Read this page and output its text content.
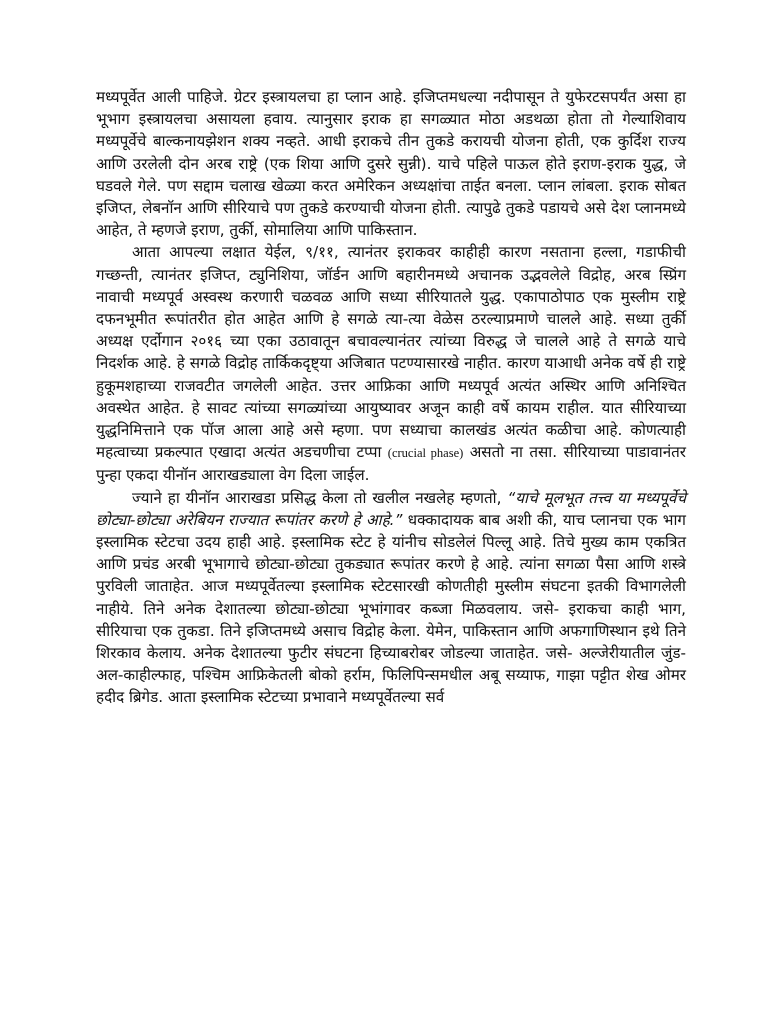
मध्यपूर्वेत आली पाहिजे. ग्रेटर इस्त्रायलचा हा प्लान आहे. इजिप्तमधल्या नदीपासून ते युफेरटसपर्यंत असा हा भूभाग इस्त्रायलचा असायला हवाय. त्यानुसार इराक हा सगळ्यात मोठा अडथळा होता तो गेल्याशिवाय मध्यपूर्वेचे बाल्कनायझेशन शक्य नव्हते. आधी इराकचे तीन तुकडे करायची योजना होती, एक कुर्दिश राज्य आणि उरलेली दोन अरब राष्ट्रे (एक शिया आणि दुसरे सुन्नी). याचे पहिले पाऊल होते इराण-इराक युद्ध, जे घडवले गेले. पण सद्दाम चलाख खेळ्या करत अमेरिकन अध्यक्षांचा ताईत बनला. प्लान लांबला. इराक सोबत इजिप्त, लेबनॉन आणि सीरियाचे पण तुकडे करण्याची योजना होती. त्यापुढे तुकडे पडायचे असे देश प्लानमध्ये आहेत, ते म्हणजे इराण, तुर्की, सोमालिया आणि पाकिस्तान.

आता आपल्या लक्षात येईल, ९/११, त्यानंतर इराकवर काहीही कारण नसताना हल्ला, गडाफीची गच्छन्ती, त्यानंतर इजिप्त, ट्युनिशिया, जॉर्डन आणि बहारीनमध्ये अचानक उद्भवलेले विद्रोह, अरब स्प्रिंग नावाची मध्यपूर्व अस्वस्थ करणारी चळवळ आणि सध्या सीरियातले युद्ध. एकापाठोपाठ एक मुस्लीम राष्ट्रे दफनभूमीत रूपांतरीत होत आहेत आणि हे सगळे त्या-त्या वेळेस ठरल्याप्रमाणे चालले आहे. सध्या तुर्की अध्यक्ष एर्दोगान २०१६ च्या एका उठावातून बचावल्यानंतर त्यांच्या विरुद्ध जे चालले आहे ते सगळे याचे निदर्शक आहे. हे सगळे विद्रोह तार्किकदृष्ट्या अजिबात पटण्यासारखे नाहीत. कारण याआधी अनेक वर्षे ही राष्ट्रे हुकूमशहाच्या राजवटीत जगलेली आहेत. उत्तर आफ्रिका आणि मध्यपूर्व अत्यंत अस्थिर आणि अनिश्चित अवस्थेत आहेत. हे सावट त्यांच्या सगळ्यांच्या आयुष्यावर अजून काही वर्षे कायम राहील. यात सीरियाच्या युद्धनिमित्ताने एक पॉज आला आहे असे म्हणा. पण सध्याचा कालखंड अत्यंत कळीचा आहे. कोणत्याही महत्वाच्या प्रकल्पात एखादा अत्यंत अडचणीचा टप्पा (crucial phase) असतो ना तसा. सीरियाच्या पाडावानंतर पुन्हा एकदा यीनॉन आराखड्याला वेग दिला जाईल.

ज्याने हा यीनॉन आराखडा प्रसिद्ध केला तो खलील नखलेह म्हणतो, “याचे मूलभूत तत्त्व या मध्यपूर्वेचे छोट्या-छोट्या अरेबियन राज्यात रूपांतर करणे हे आहे.” धक्कादायक बाब अशी की, याच प्लानचा एक भाग इस्लामिक स्टेटचा उदय हाही आहे. इस्लामिक स्टेट हे यांनीच सोडलेलं पिल्लू आहे. तिचे मुख्य काम एकत्रित आणि प्रचंड अरबी भूभागाचे छोट्या-छोट्या तुकड्यात रूपांतर करणे हे आहे. त्यांना सगळा पैसा आणि शस्त्रे पुरविली जाताहेत. आज मध्यपूर्वेतल्या इस्लामिक स्टेटसारखी कोणतीही मुस्लीम संघटना इतकी विभागलेली नाहीये. तिने अनेक देशातल्या छोट्या-छोट्या भूभांगावर कब्जा मिळवलाय. जसे- इराकचा काही भाग, सीरियाचा एक तुकडा. तिने इजिप्तमध्ये असाच विद्रोह केला. येमेन, पाकिस्तान आणि अफगाणिस्थान इथे तिने शिरकाव केलाय. अनेक देशातल्या फुटीर संघटना हिच्याबरोबर जोडल्या जाताहेत. जसे- अल्जेरीयातील जुंड-अल-काहील्फाह, पश्चिम आफ्रिकेतली बोको हर्राम, फिलिपिन्समधील अबू सय्याफ, गाझा पट्टीत शेख ओमर हदीद ब्रिगेड. आता इस्लामिक स्टेटच्या प्रभावाने मध्यपूर्वेतल्या सर्व
